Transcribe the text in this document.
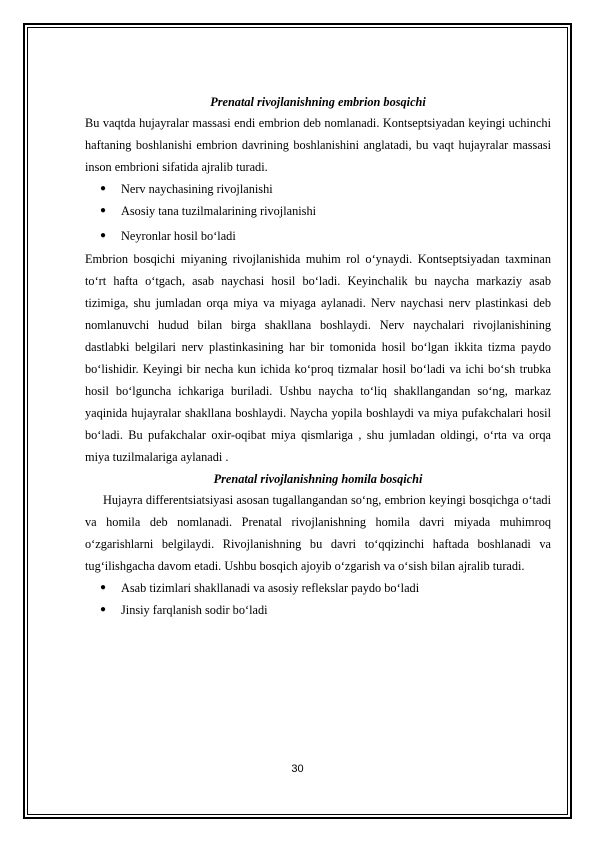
Prenatal rivojlanishning embrion bosqichi

Bu vaqtda hujayralar massasi endi embrion deb nomlanadi. Kontseptsiyadan keyingi uchinchi haftaning boshlanishi embrion davrining boshlanishini anglatadi, bu vaqt hujayralar massasi inson embrioni sifatida ajralib turadi.

● Nerv naychasining rivojlanishi
● Asosiy tana tuzilmalarining rivojlanishi
● Neyronlar hosil bo‘ladi

Embrion bosqichi miyaning rivojlanishida muhim rol o‘ynaydi. Kontseptsiyadan taxminan to‘rt hafta o‘tgach, asab naychasi hosil bo‘ladi. Keyinchalik bu naycha markaziy asab tizimiga, shu jumladan orqa miya va miyaga aylanadi. Nerv naychasi nerv plastinkasi deb nomlanuvchi hudud bilan birga shakllana boshlaydi. Nerv naychalari rivojlanishining dastlabki belgilari nerv plastinkasining har bir tomonida hosil bo‘lgan ikkita tizma paydo bo‘lishidir. Keyingi bir necha kun ichida ko‘proq tizmalar hosil bo‘ladi va ichi bo‘sh trubka hosil bo‘lguncha ichkariga buriladi. Ushbu naycha to‘liq shakllangandan so‘ng, markaz yaqinida hujayralar shakllana boshlaydi. Naycha yopila boshlaydi va miya pufakchalari hosil bo‘ladi. Bu pufakchalar oxir-oqibat miya qismlariga , shu jumladan oldingi, o‘rta va orqa miya tuzilmalariga aylanadi .

Prenatal rivojlanishning homila bosqichi

Hujayra differentsiatsiyasi asosan tugallangandan so‘ng, embrion keyingi bosqichga o‘tadi va homila deb nomlanadi. Prenatal rivojlanishning homila davri miyada muhimroq o‘zgarishlarni belgilaydi. Rivojlanishning bu davri to‘qqizinchi haftada boshlanadi va tug‘ilishgacha davom etadi. Ushbu bosqich ajoyib o‘zgarish va o‘sish bilan ajralib turadi.

● Asab tizimlari shakllanadi va asosiy reflekslar paydo bo‘ladi
● Jinsiy farqlanish sodir bo‘ladi
30
